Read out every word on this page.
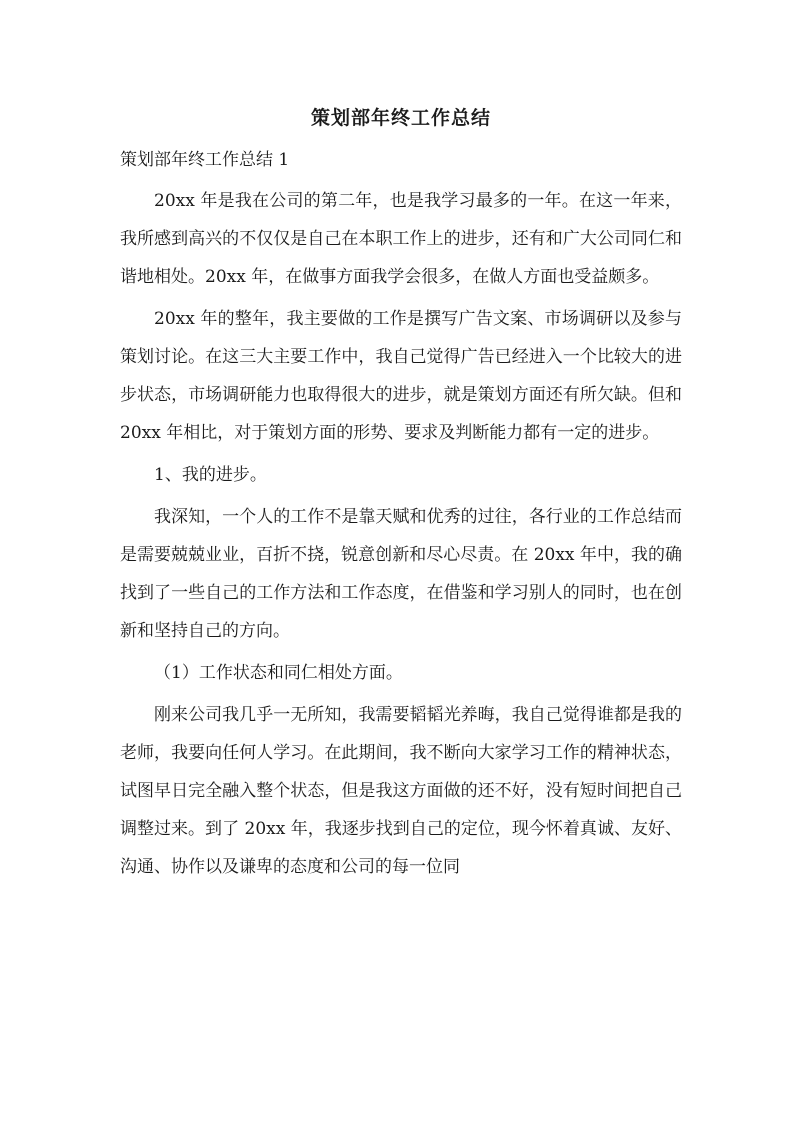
策划部年终工作总结

策划部年终工作总结 1

20xx 年是我在公司的第二年，也是我学习最多的一年。在这一年来，我所感到高兴的不仅仅是自己在本职工作上的进步，还有和广大公司同仁和谐地相处。20xx 年，在做事方面我学会很多，在做人方面也受益颇多。

20xx 年的整年，我主要做的工作是撰写广告文案、市场调研以及参与策划讨论。在这三大主要工作中，我自己觉得广告已经进入一个比较大的进步状态，市场调研能力也取得很大的进步，就是策划方面还有所欠缺。但和 20xx 年相比，对于策划方面的形势、要求及判断能力都有一定的进步。

1、我的进步。

我深知，一个人的工作不是靠天赋和优秀的过往，各行业的工作总结而是需要兢兢业业，百折不挠，锐意创新和尽心尽责。在 20xx 年中，我的确找到了一些自己的工作方法和工作态度，在借鉴和学习别人的同时，也在创新和坚持自己的方向。

（1）工作状态和同仁相处方面。

刚来公司我几乎一无所知，我需要韬韬光养晦，我自己觉得谁都是我的老师，我要向任何人学习。在此期间，我不断向大家学习工作的精神状态，试图早日完全融入整个状态，但是我这方面做的还不好，没有短时间把自己调整过来。到了 20xx 年，我逐步找到自己的定位，现今怀着真诚、友好、沟通、协作以及谦卑的态度和公司的每一位同
